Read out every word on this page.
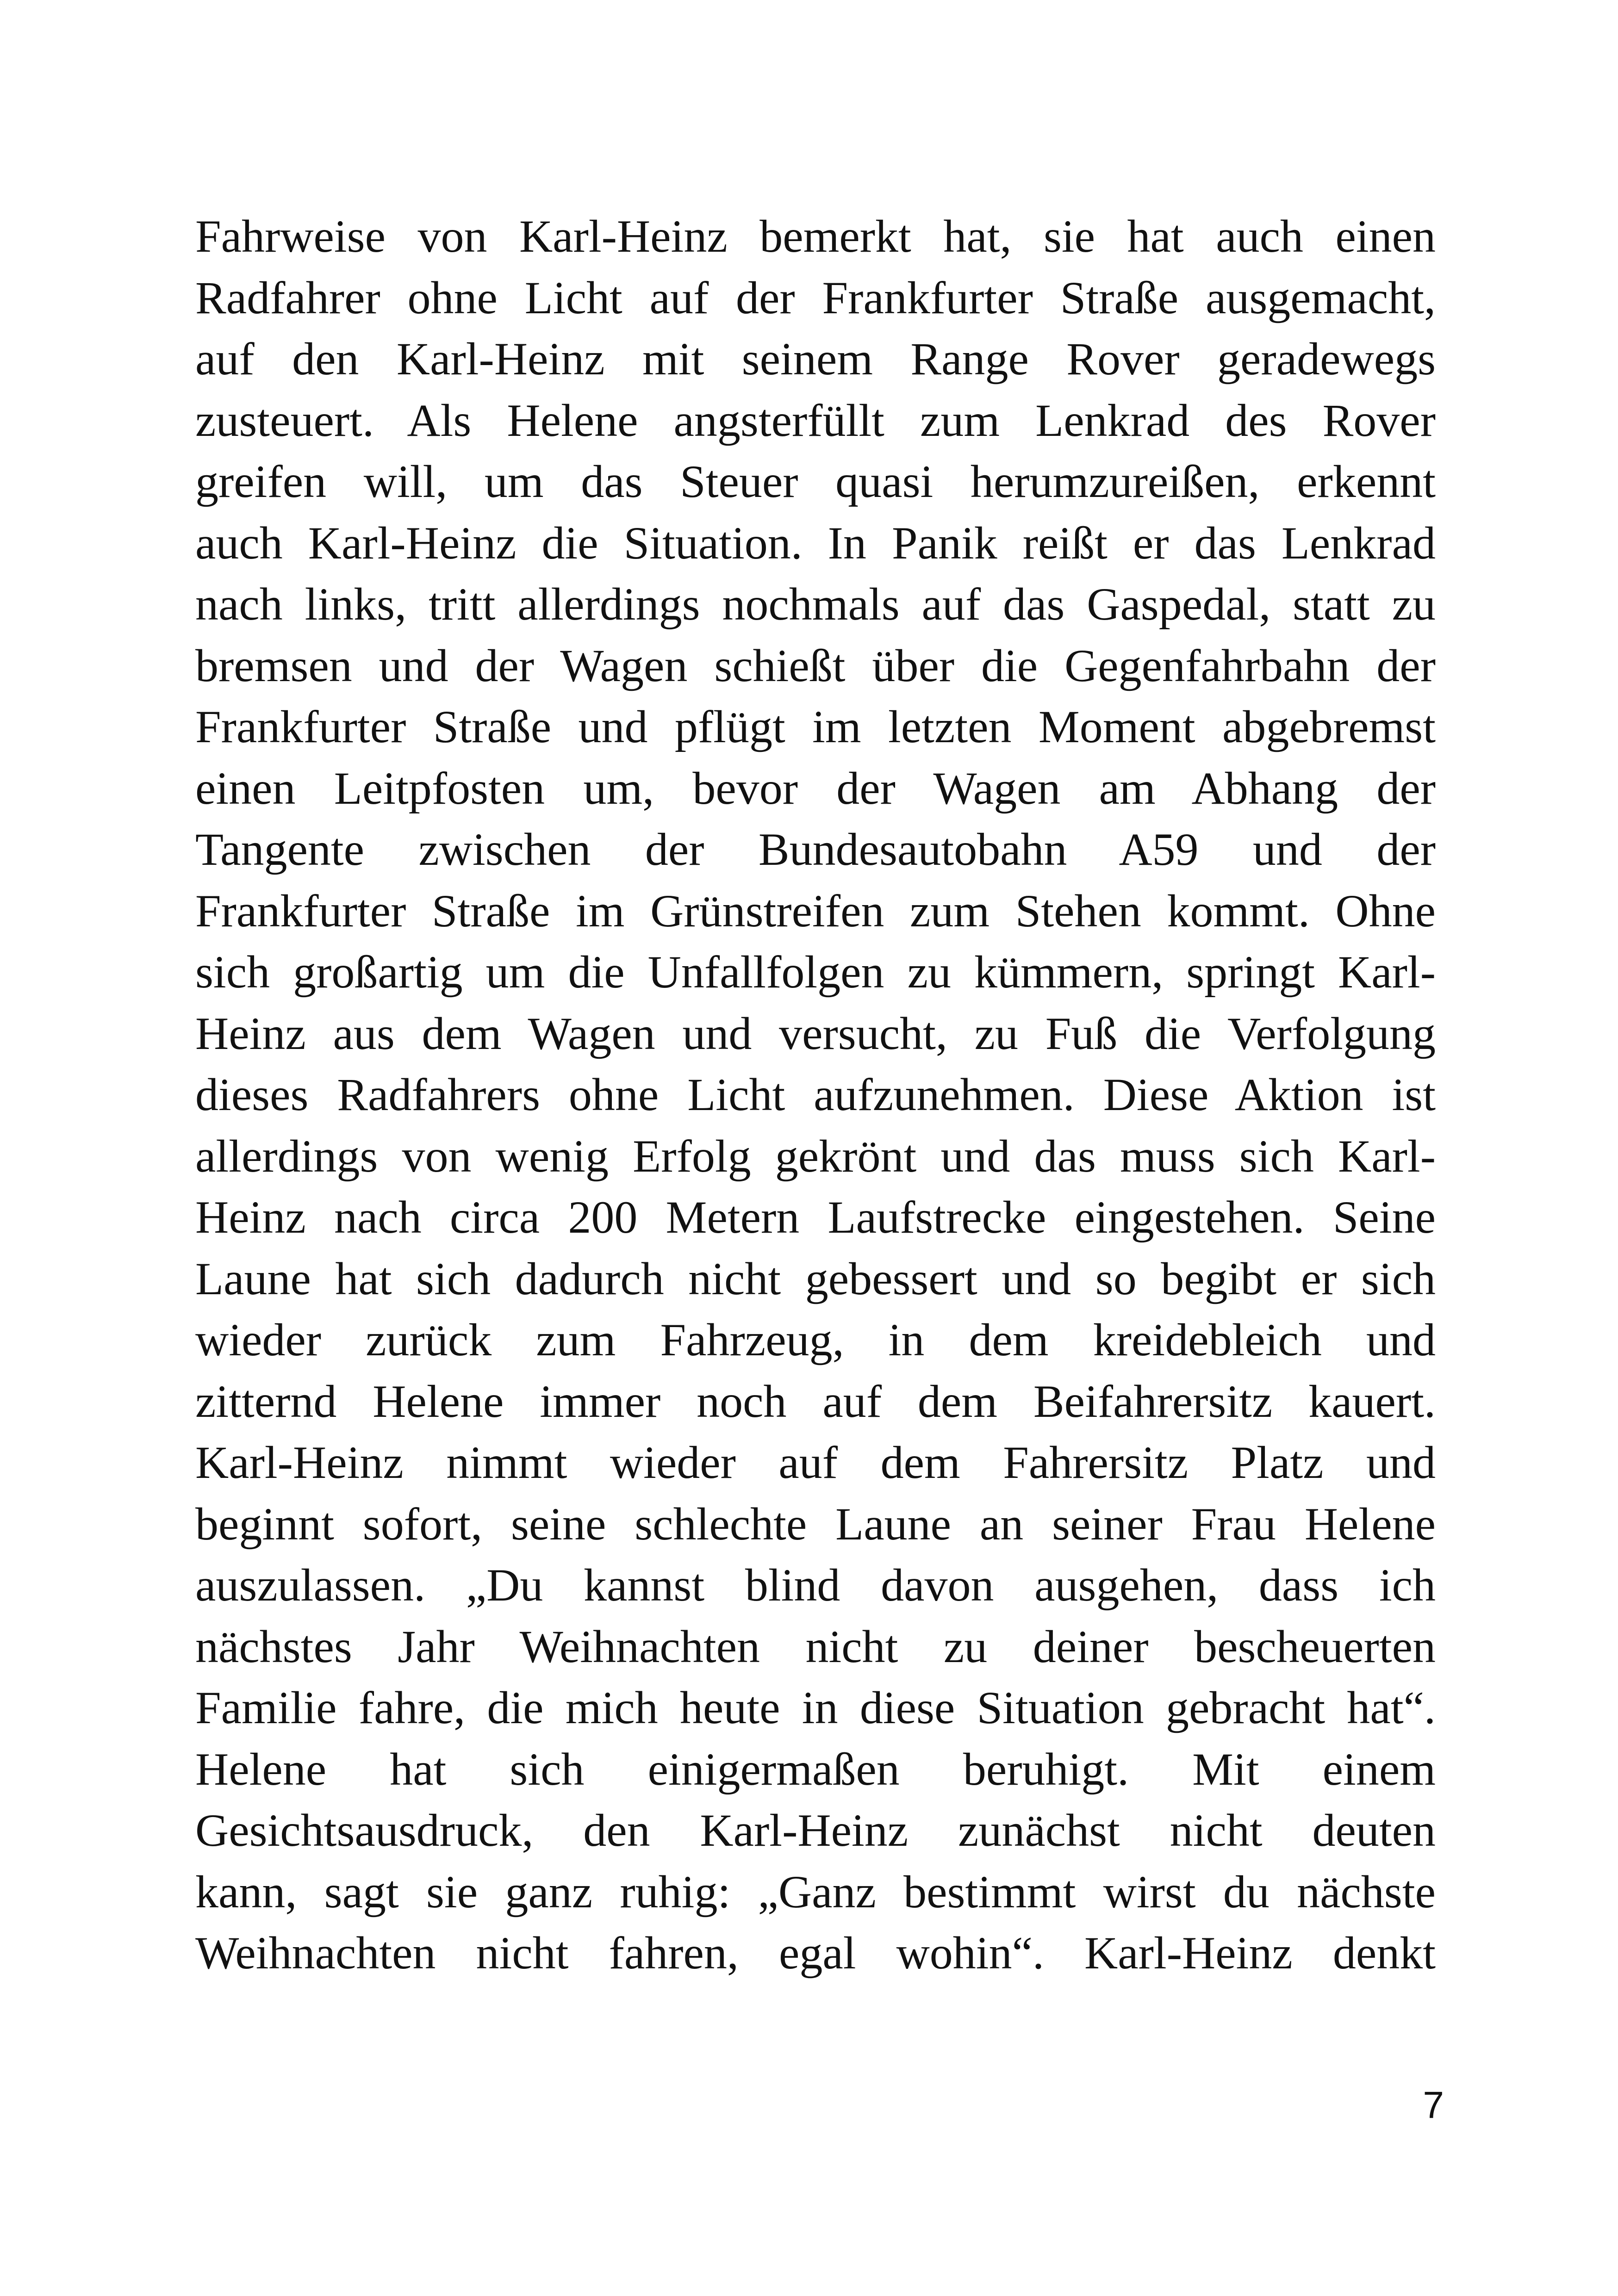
Fahrweise von Karl-Heinz bemerkt hat, sie hat auch einen
Radfahrer ohne Licht auf der Frankfurter Straße ausgemacht,
auf den Karl-Heinz mit seinem Range Rover geradewegs
zusteuert. Als Helene angsterfüllt zum Lenkrad des Rover
greifen will, um das Steuer quasi herumzureißen, erkennt
auch Karl-Heinz die Situation. In Panik reißt er das Lenkrad
nach links, tritt allerdings nochmals auf das Gaspedal, statt zu
bremsen und der Wagen schießt über die Gegenfahrbahn der
Frankfurter Straße und pflügt im letzten Moment abgebremst
einen Leitpfosten um, bevor der Wagen am Abhang der
Tangente zwischen der Bundesautobahn A59 und der
Frankfurter Straße im Grünstreifen zum Stehen kommt. Ohne
sich großartig um die Unfallfolgen zu kümmern, springt Karl-
Heinz aus dem Wagen und versucht, zu Fuß die Verfolgung
dieses Radfahrers ohne Licht aufzunehmen. Diese Aktion ist
allerdings von wenig Erfolg gekrönt und das muss sich Karl-
Heinz nach circa 200 Metern Laufstrecke eingestehen. Seine
Laune hat sich dadurch nicht gebessert und so begibt er sich
wieder zurück zum Fahrzeug, in dem kreidebleich und
zitternd Helene immer noch auf dem Beifahrersitz kauert.
Karl-Heinz nimmt wieder auf dem Fahrersitz Platz und
beginnt sofort, seine schlechte Laune an seiner Frau Helene
auszulassen. „Du kannst blind davon ausgehen, dass ich
nächstes Jahr Weihnachten nicht zu deiner bescheuerten
Familie fahre, die mich heute in diese Situation gebracht hat“.
Helene hat sich einigermaßen beruhigt. Mit einem
Gesichtsausdruck, den Karl-Heinz zunächst nicht deuten
kann, sagt sie ganz ruhig: „Ganz bestimmt wirst du nächste
Weihnachten nicht fahren, egal wohin“. Karl-Heinz denkt
7
